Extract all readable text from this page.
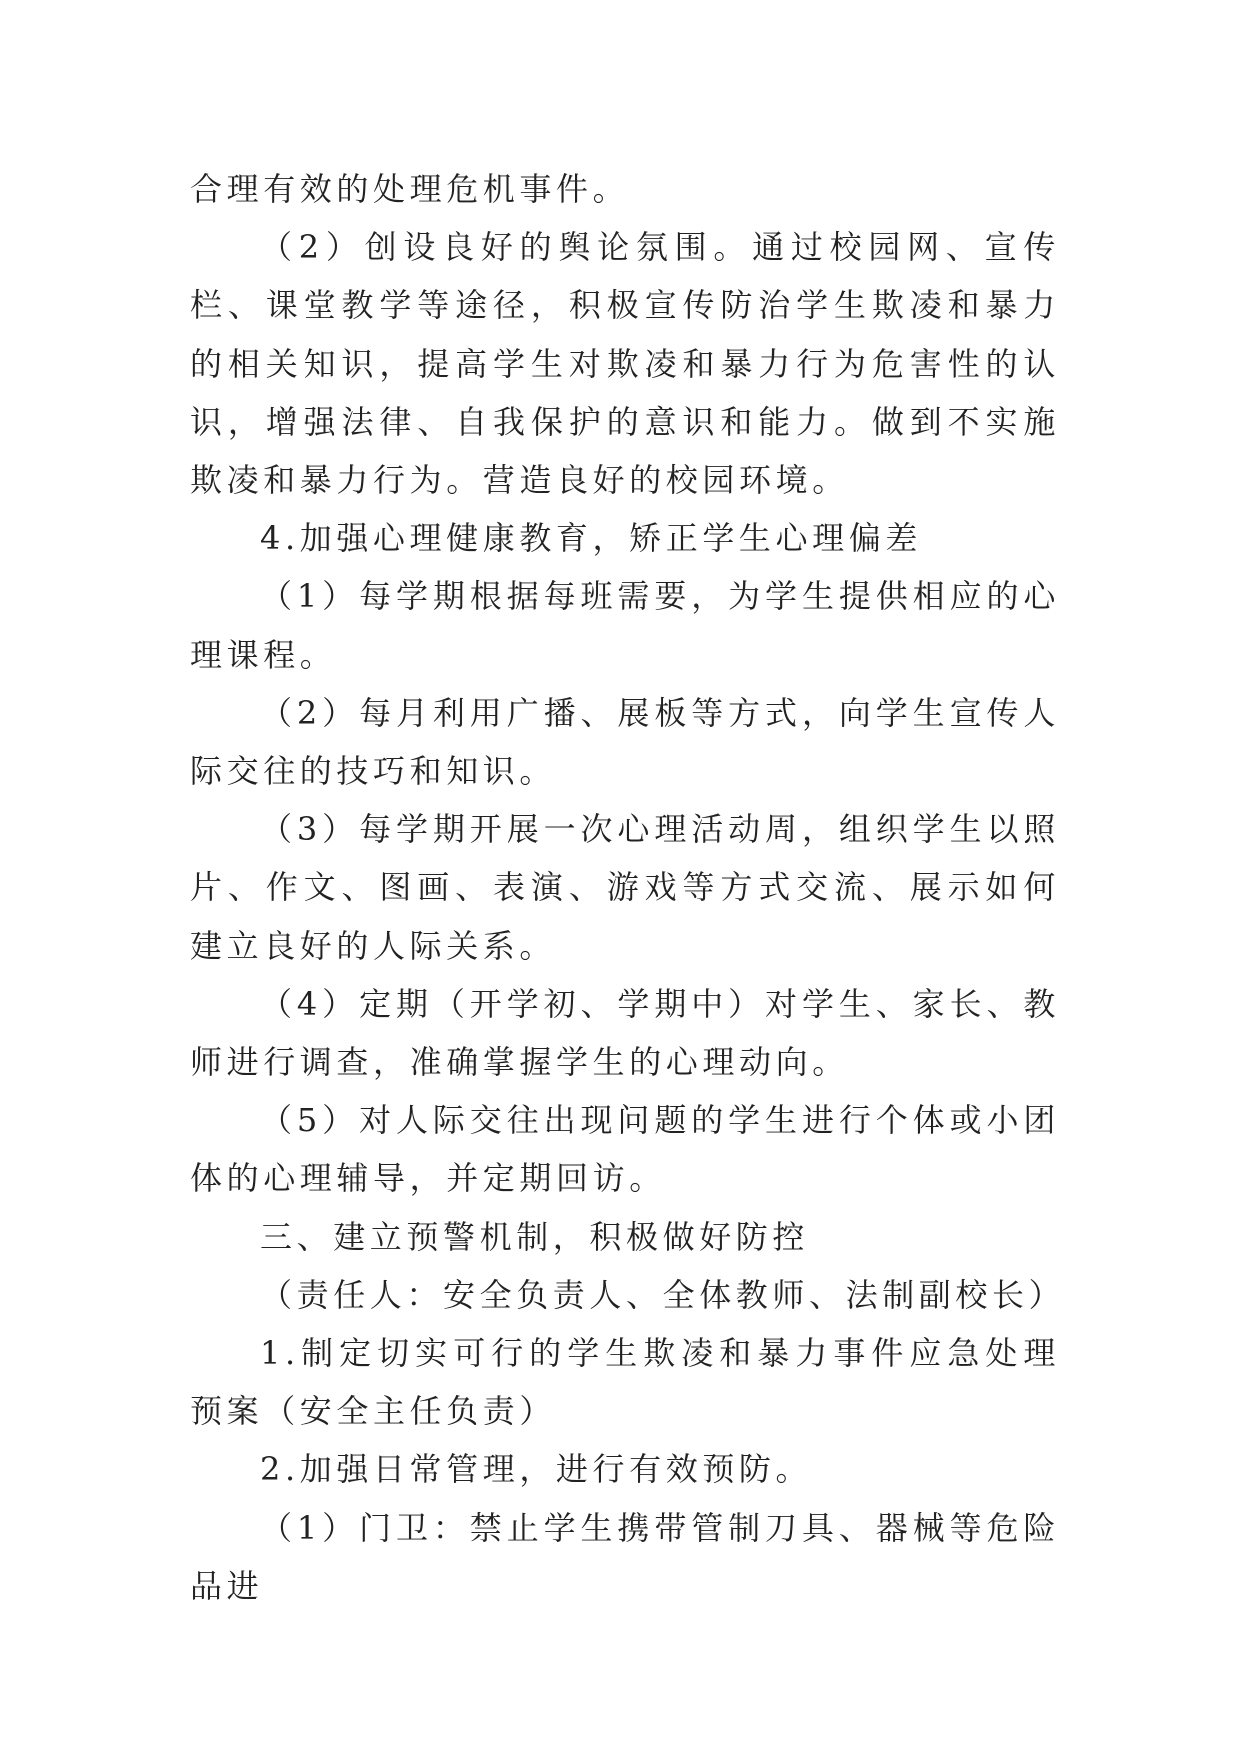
合理有效的处理危机事件。

（2）创设良好的舆论氛围。通过校园网、宣传栏、课堂教学等途径，积极宣传防治学生欺凌和暴力的相关知识，提高学生对欺凌和暴力行为危害性的认识，增强法律、自我保护的意识和能力。做到不实施欺凌和暴力行为。营造良好的校园环境。

4.加强心理健康教育，矫正学生心理偏差

（1）每学期根据每班需要，为学生提供相应的心理课程。

（2）每月利用广播、展板等方式，向学生宣传人际交往的技巧和知识。

（3）每学期开展一次心理活动周，组织学生以照片、作文、图画、表演、游戏等方式交流、展示如何建立良好的人际关系。

（4）定期（开学初、学期中）对学生、家长、教师进行调查，准确掌握学生的心理动向。

（5）对人际交往出现问题的学生进行个体或小团体的心理辅导，并定期回访。

三、建立预警机制，积极做好防控

（责任人：安全负责人、全体教师、法制副校长）

1.制定切实可行的学生欺凌和暴力事件应急处理预案（安全主任负责）

2.加强日常管理，进行有效预防。

（1）门卫：禁止学生携带管制刀具、器械等危险品进
